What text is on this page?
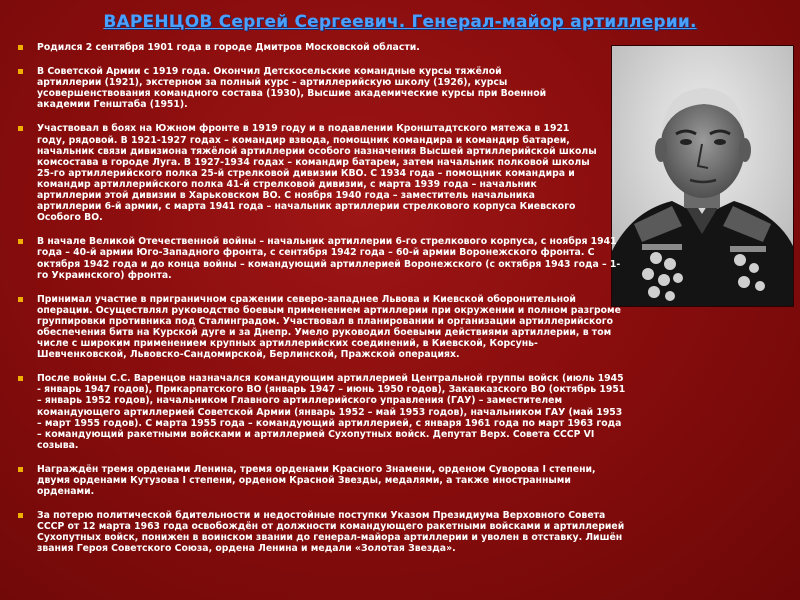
ВАРЕНЦОВ Сергей Сергеевич. Генерал-майор артиллерии.
Родился 2 сентября 1901 года в городе Дмитров Московской области.
В Советской Армии с 1919 года. Окончил Детскосельские командные курсы тяжёлой артиллерии (1921), экстерном за полный курс – артиллерийскую школу (1926), курсы усовершенствования командного состава (1930), Высшие академические курсы при Военной академии Генштаба (1951).
Участвовал в боях на Южном фронте в 1919 году и в подавлении Кронштадтского мятежа в 1921 году, рядовой. В 1921-1927 годах – командир взвода, помощник командира и командир батареи, начальник связи дивизиона тяжёлой артиллерии особого назначения Высшей артиллерийской школы комсостава в городе Луга. В 1927-1934 годах – командир батареи, затем начальник полковой школы 25-го артиллерийского полка 25-й стрелковой дивизии КВО. С 1934 года – помощник командира и командир артиллерийского полка 41-й стрелковой дивизии, с марта 1939 года – начальник артиллерии этой дивизии в Харьковском ВО. С ноября 1940 года – заместитель начальника артиллерии 6-й армии, с марта 1941 года – начальник артиллерии стрелкового корпуса Киевского Особого ВО.
В начале Великой Отечественной войны – начальник артиллерии 6-го стрелкового корпуса, с ноября 1941 года – 40-й армии Юго-Западного фронта, с сентября 1942 года – 60-й армии Воронежского фронта. С октября 1942 года и до конца войны – командующий артиллерией Воронежского (с октября 1943 года – 1-го Украинского) фронта.
Принимал участие в приграничном сражении северо-западнее Львова и Киевской оборонительной операции. Осуществлял руководство боевым применением артиллерии при окружении и полном разгроме группировки противника под Сталинградом. Участвовал в планировании и организации артиллерийского обеспечения битв на Курской дуге и за Днепр. Умело руководил боевыми действиями артиллерии, в том числе с широким применением крупных артиллерийских соединений, в Киевской, Корсунь-Шевченковской, Львовско-Сандомирской, Берлинской, Пражской операциях.
После войны С.С. Варенцов назначался командующим артиллерией Центральной группы войск (июль 1945 - январь 1947 годов), Прикарпатского ВО (январь 1947 – июнь 1950 годов), Закавказского ВО (октябрь 1951 – январь 1952 годов), начальником Главного артиллерийского управления (ГАУ) – заместителем командующего артиллерией Советской Армии (январь 1952 – май 1953 годов), начальником ГАУ (май 1953 – март 1955 годов). С марта 1955 года – командующий артиллерией, с января 1961 года по март 1963 года – командующий ракетными войсками и артиллерией Сухопутных войск. Депутат Верх. Совета СССР VI созыва.
Награждён тремя орденами Ленина, тремя орденами Красного Знамени, орденом Суворова I степени, двумя орденами Кутузова I степени, орденом Красной Звезды, медалями, а также иностранными орденами.
За потерю политической бдительности и недостойные поступки Указом Президиума Верховного Совета СССР от 12 марта 1963 года освобождён от должности командующего ракетными войсками и артиллерией Сухопутных войск, понижен в воинском звании до генерал-майора артиллерии и уволен в отставку. Лишён звания Героя Советского Союза, ордена Ленина и медали «Золотая Звезда».
